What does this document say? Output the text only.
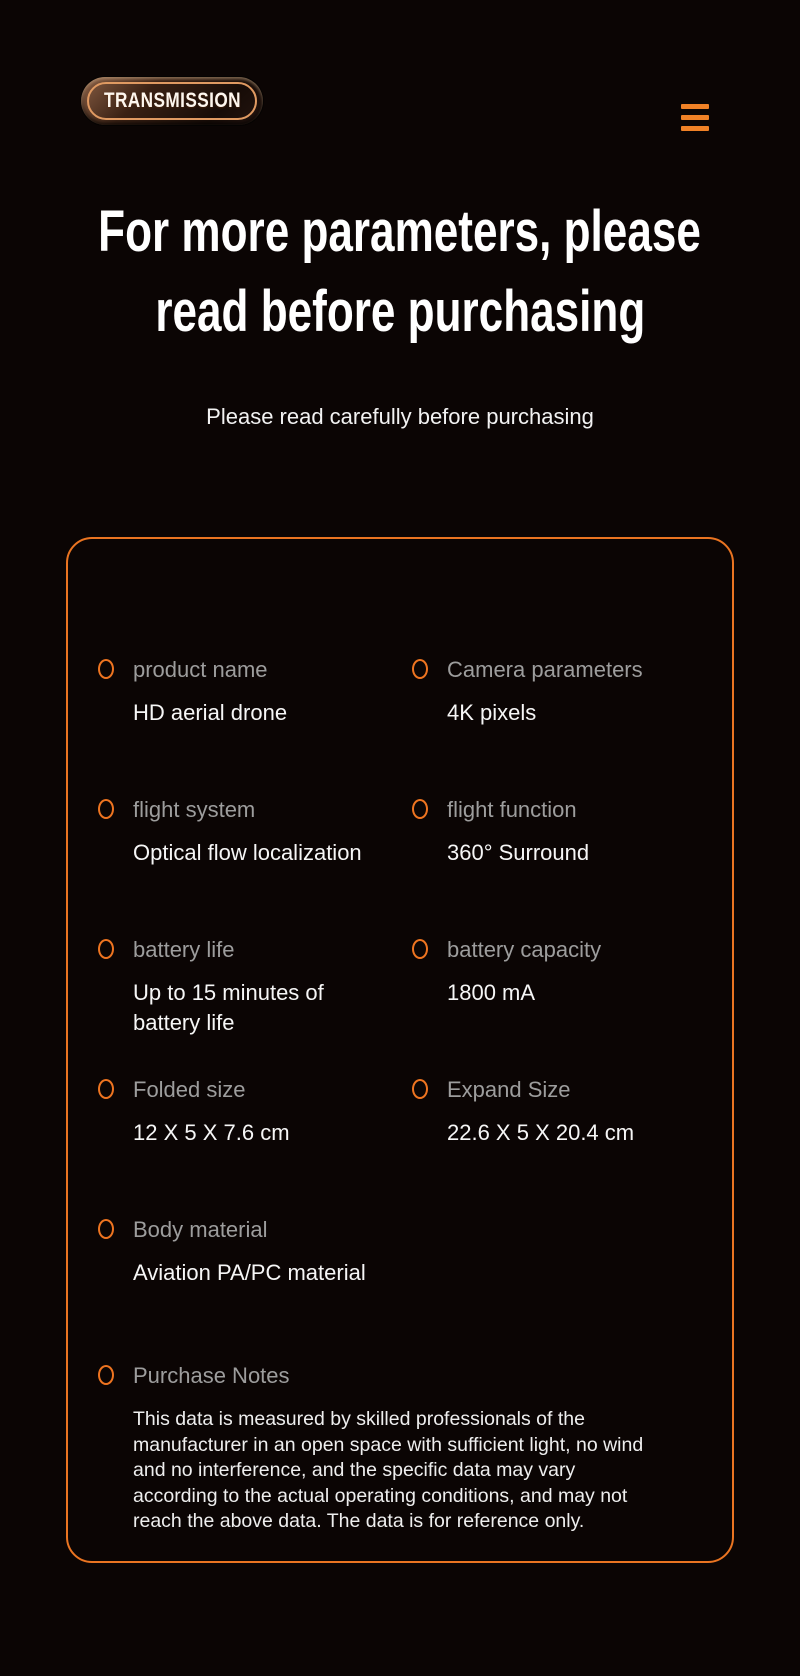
TRANSMISSION
For more parameters, please
read before purchasing
Please read carefully before purchasing
product name
HD aerial drone
Camera parameters
4K pixels
flight system
Optical flow localization
flight function
360° Surround
battery life
Up to 15 minutes of battery life
battery capacity
1800 mA
Folded size
12 X 5 X 7.6 cm
Expand Size
22.6 X 5 X 20.4 cm
Body material
Aviation PA/PC material
Purchase Notes
This data is measured by skilled professionals of the manufacturer in an open space with sufficient light, no wind and no interference, and the specific data may vary according to the actual operating conditions, and may not reach the above data. The data is for reference only.
